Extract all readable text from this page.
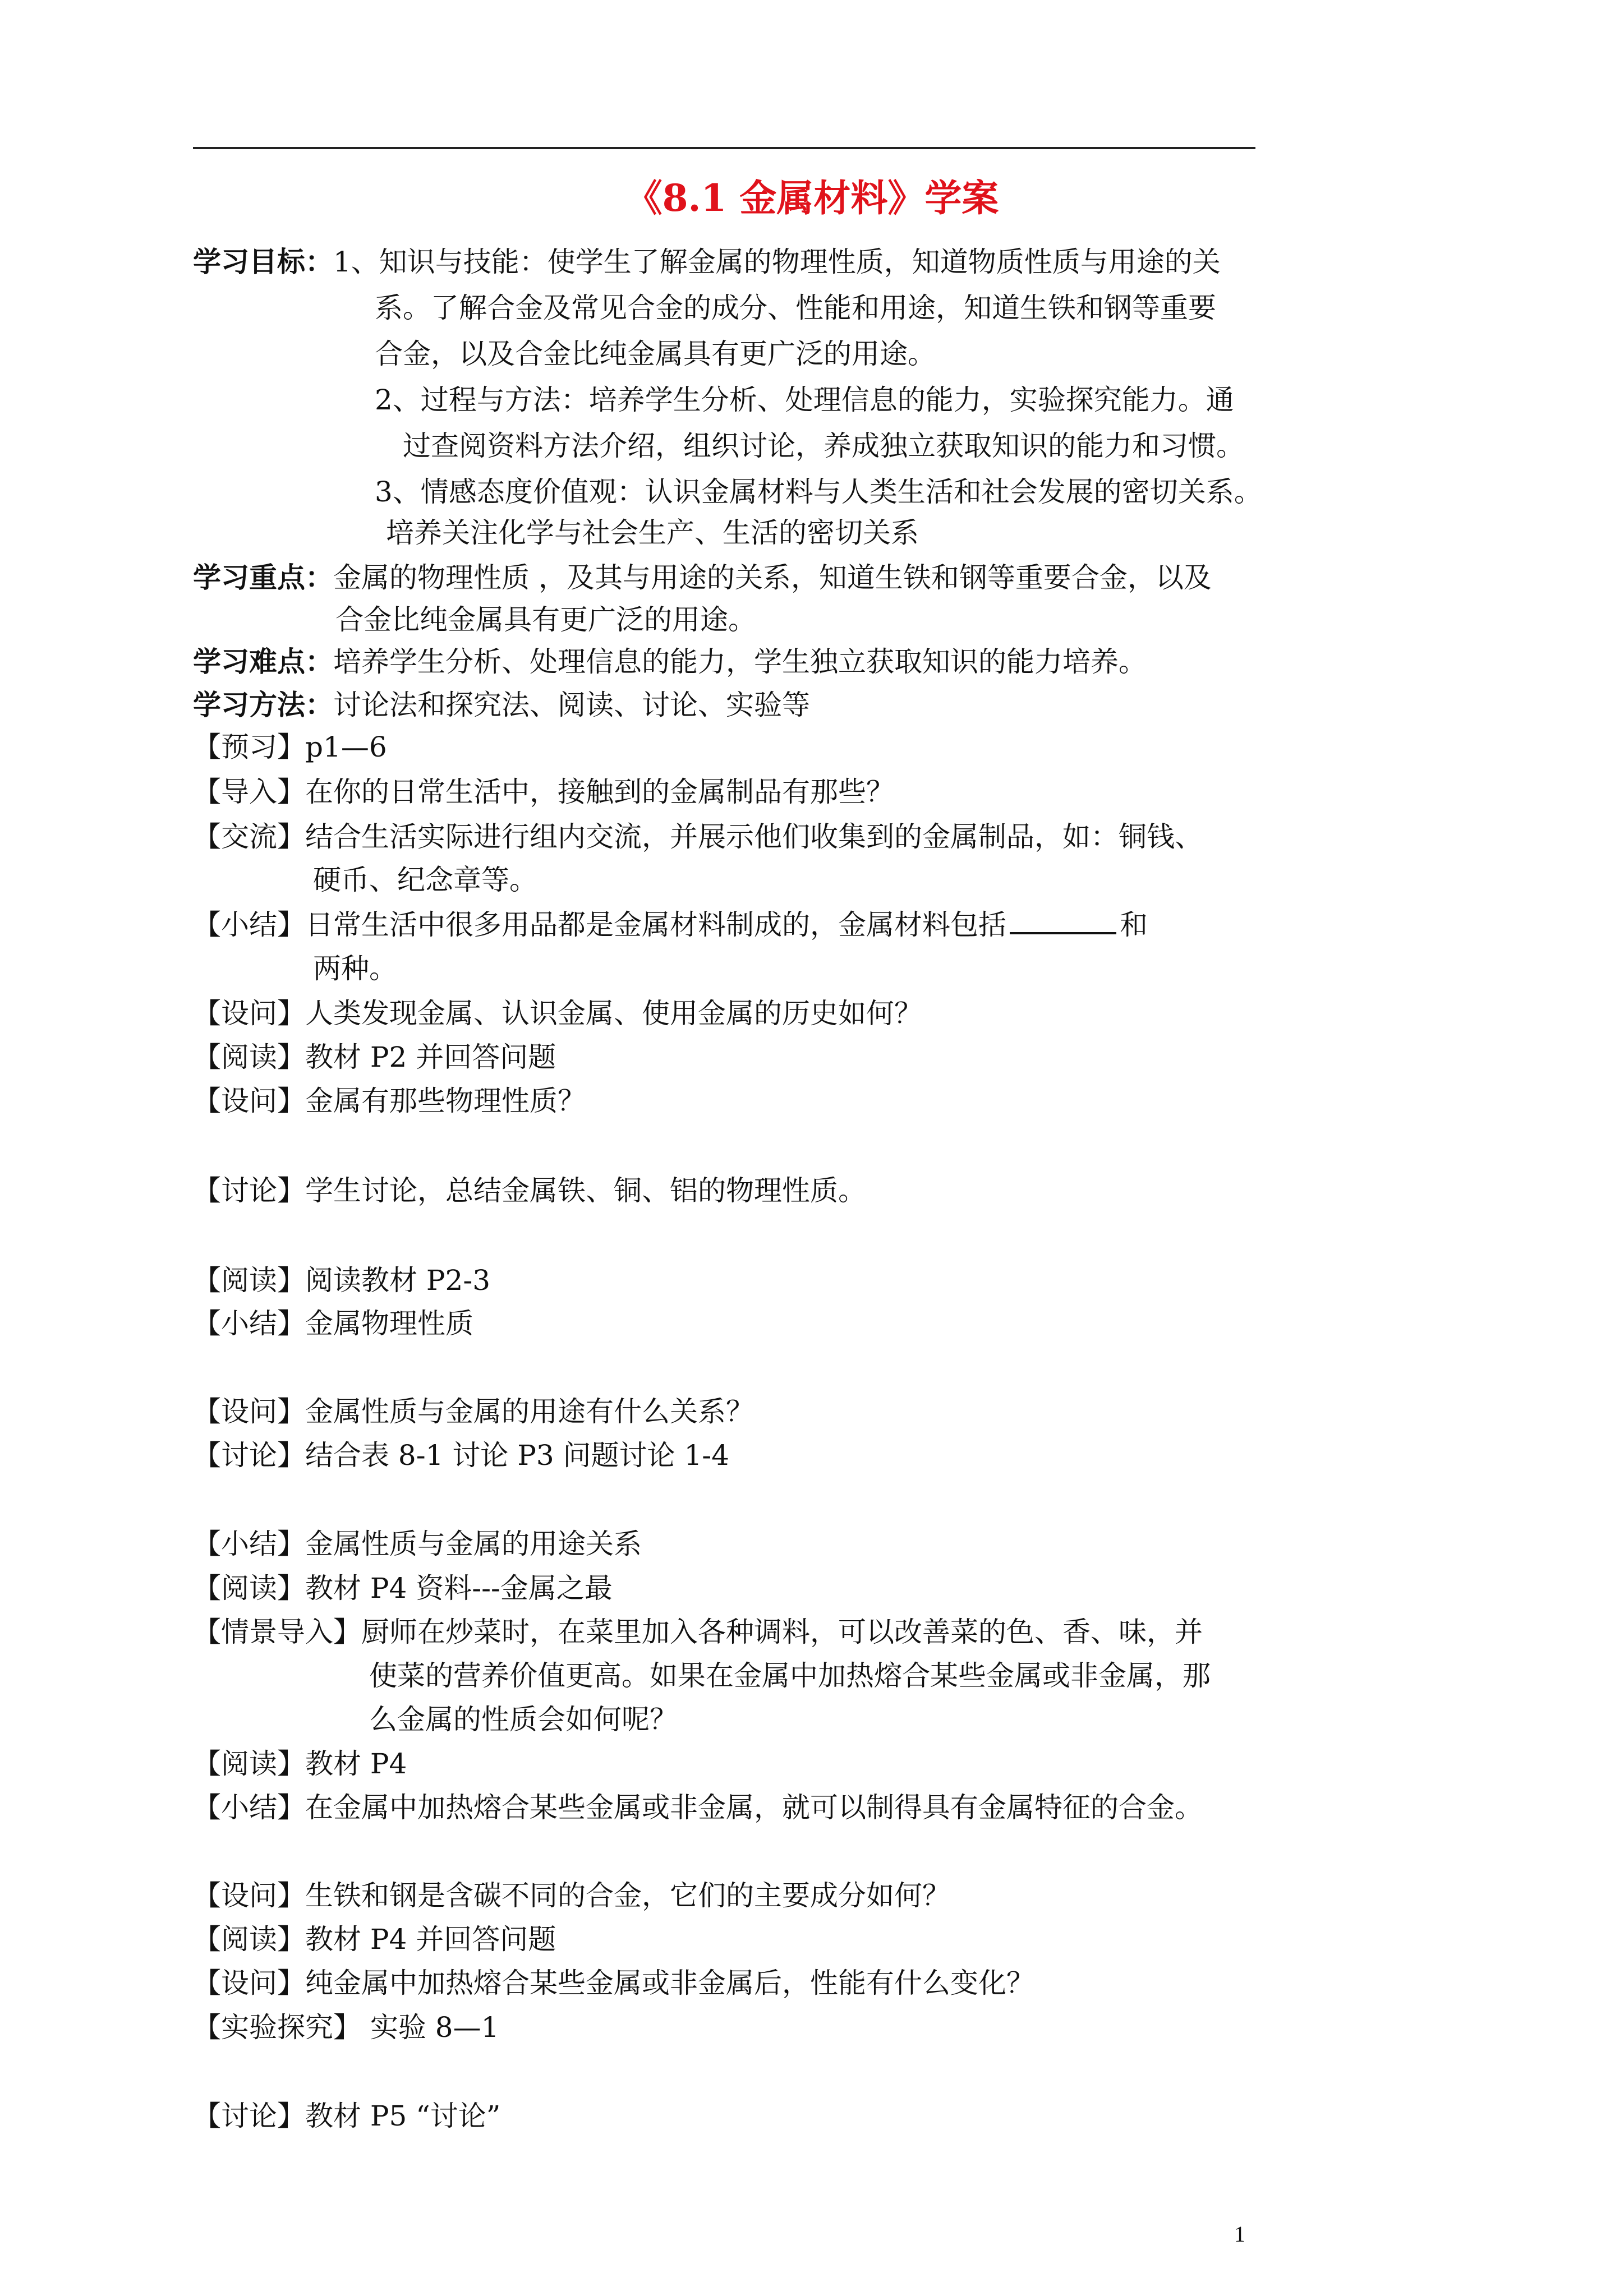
《8.1 金属材料》学案
学习目标：1、知识与技能：使学生了解金属的物理性质，知道物质性质与用途的关
系。了解合金及常见合金的成分、性能和用途，知道生铁和钢等重要
合金，以及合金比纯金属具有更广泛的用途。
2、过程与方法：培养学生分析、处理信息的能力，实验探究能力。通
过查阅资料方法介绍，组织讨论，养成独立获取知识的能力和习惯。
3、情感态度价值观：认识金属材料与人类生活和社会发展的密切关系。
培养关注化学与社会生产、生活的密切关系
学习重点：金属的物理性质 ，及其与用途的关系，知道生铁和钢等重要合金，以及
合金比纯金属具有更广泛的用途。
学习难点：培养学生分析、处理信息的能力，学生独立获取知识的能力培养。
学习方法：讨论法和探究法、阅读、讨论、实验等
【预习】p1—6
【导入】在你的日常生活中，接触到的金属制品有那些？
【交流】结合生活实际进行组内交流，并展示他们收集到的金属制品，如：铜钱、
硬币、纪念章等。
【小结】日常生活中很多用品都是金属材料制成的，金属材料包括	和
两种。
【设问】人类发现金属、认识金属、使用金属的历史如何？
【阅读】教材 P2 并回答问题
【设问】金属有那些物理性质？
【讨论】学生讨论，总结金属铁、铜、铝的物理性质。
【阅读】阅读教材 P2-3
【小结】金属物理性质
【设问】金属性质与金属的用途有什么关系？
【讨论】结合表 8-1 讨论 P3 问题讨论 1-4
【小结】金属性质与金属的用途关系
【阅读】教材 P4 资料---金属之最
【情景导入】厨师在炒菜时，在菜里加入各种调料，可以改善菜的色、香、味，并
使菜的营养价值更高。如果在金属中加热熔合某些金属或非金属，那
么金属的性质会如何呢？
【阅读】教材 P4
【小结】在金属中加热熔合某些金属或非金属，就可以制得具有金属特征的合金。
【设问】生铁和钢是含碳不同的合金，它们的主要成分如何？
【阅读】教材 P4 并回答问题
【设问】纯金属中加热熔合某些金属或非金属后，性能有什么变化？
【实验探究】 实验 8—1
【讨论】教材 P5 “讨论”
1
